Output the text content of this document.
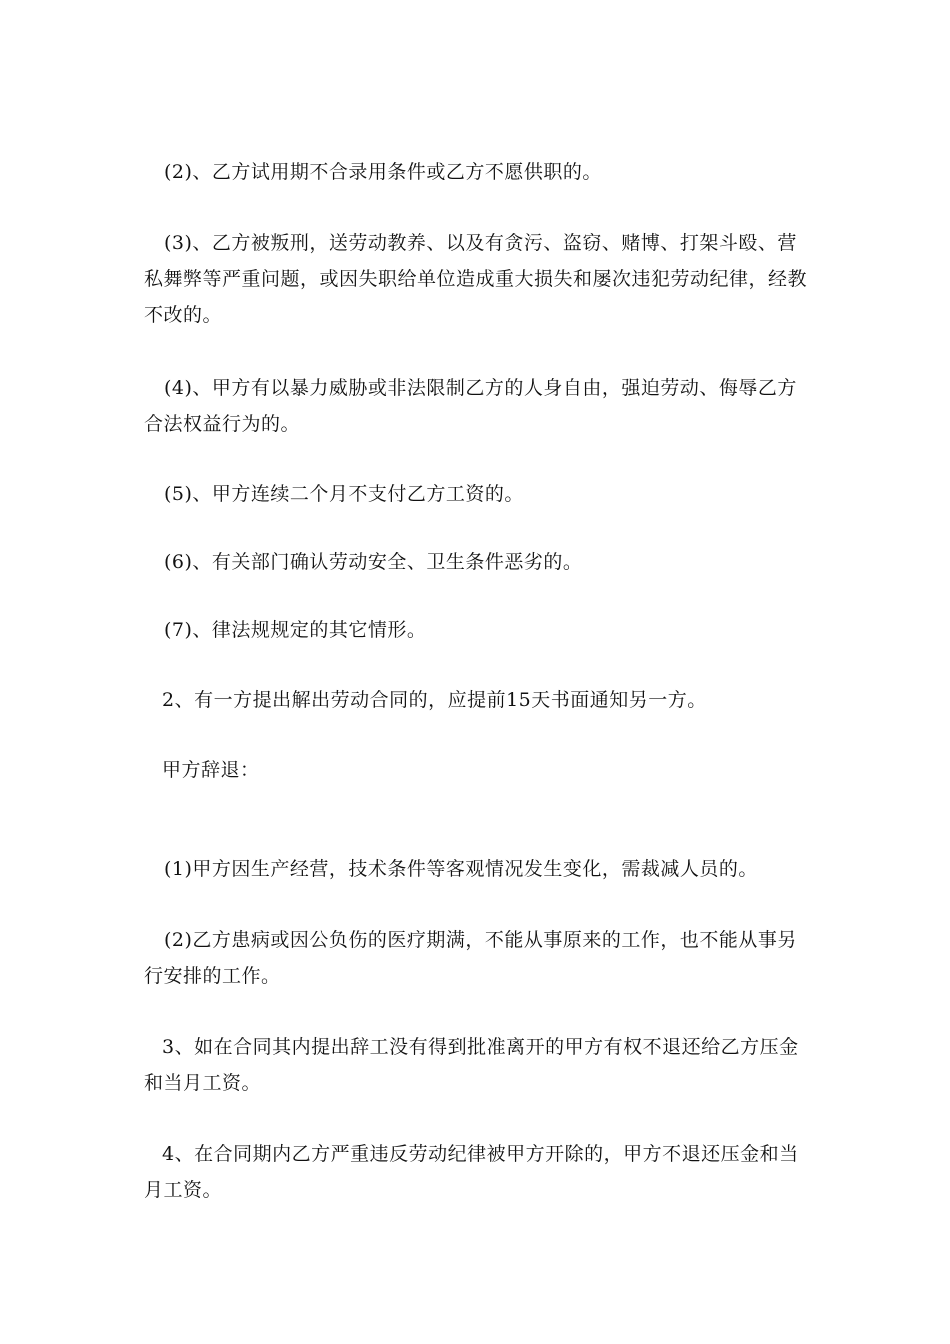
(2)、乙方试用期不合录用条件或乙方不愿供职的。

(3)、乙方被叛刑，送劳动教养、以及有贪污、盗窃、赌博、打架斗殴、营私舞弊等严重问题，或因失职给单位造成重大损失和屡次违犯劳动纪律，经教不改的。

(4)、甲方有以暴力威胁或非法限制乙方的人身自由，强迫劳动、侮辱乙方合法权益行为的。

(5)、甲方连续二个月不支付乙方工资的。

(6)、有关部门确认劳动安全、卫生条件恶劣的。

(7)、律法规规定的其它情形。

2、有一方提出解出劳动合同的，应提前15天书面通知另一方。

甲方辞退：

(1)甲方因生产经营，技术条件等客观情况发生变化，需裁减人员的。

(2)乙方患病或因公负伤的医疗期满，不能从事原来的工作，也不能从事另行安排的工作。

3、如在合同其内提出辞工没有得到批准离开的甲方有权不退还给乙方压金和当月工资。

4、在合同期内乙方严重违反劳动纪律被甲方开除的，甲方不退还压金和当月工资。
